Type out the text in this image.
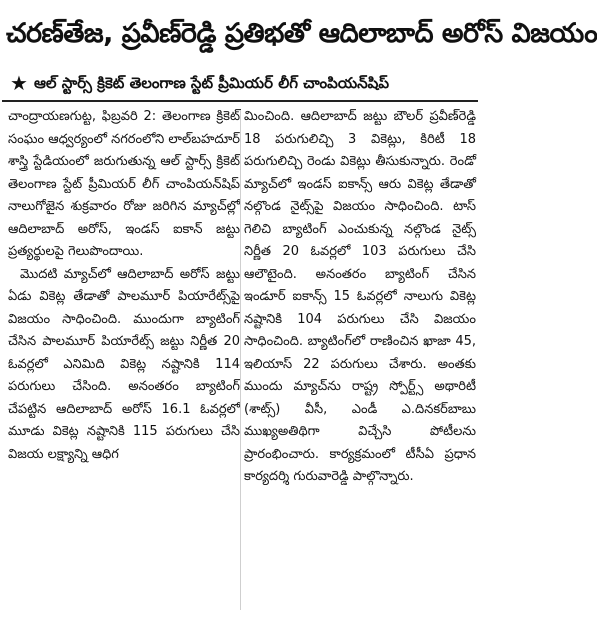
చరణ్‌తేజ, ప్రవీణ్‌రెడ్డి ప్రతిభతో ఆదిలాబాద్ అరోస్ విజయం
★ ఆల్ స్టార్స్ క్రికెట్ తెలంగాణ స్టేట్ ప్రీమియర్ లీగ్ చాంపియన్‌షిప్

చాంద్రాయణగుట్ట, ఫిబ్రవరి 2: తెలంగాణ క్రికెట్ సంఘం ఆధ్వర్యంలో నగరంలోని లాల్‌బహదూర్ శాస్త్రి స్టేడియంలో జరుగుతున్న ఆల్ స్టార్స్ క్రికెట్ తెలంగాణ స్టేట్ ప్రీమియర్ లీగ్ చాంపియన్‌షిప్ నాలుగోజైన శుక్రవారం రోజు జరిగిన మ్యాచ్‌ల్లో ఆదిలాబాద్ అరోస్, ఇండస్ ఐకాన్ జట్టు ప్రత్యర్థులపై గెలుపొందాయి.

మొదటి మ్యాచ్‌లో ఆదిలాబాద్ అరోస్ జట్టు ఏడు వికెట్ల తేడాతో పాలమూర్ పియారేట్స్‌పై విజయం సాధించింది. ముందుగా బ్యాటింగ్ చేసిన పాలమూర్ పియారేట్స్ జట్టు నిర్ణీత 20 ఓవర్లలో ఎనిమిది వికెట్ల నష్టానికి 114 పరుగులు చేసింది. అనంతరం బ్యాటింగ్ చేపట్టిన ఆదిలాబాద్ అరోస్ 16.1 ఓవర్లలో మూడు వికెట్ల నష్టానికి 115 పరుగులు చేసి విజయ లక్ష్యాన్ని ఆధిగ

మించింది. ఆదిలాబాద్ జట్టు బౌలర్ ప్రవీణ్‌రెడ్డి 18 పరుగులిచ్చి 3 వికెట్లు, కిరిటీ 18 పరుగులిచ్చి రెండు వికెట్లు తీసుకున్నారు. రెండో మ్యాచ్‌లో ఇండస్ ఐకాన్స్ ఆరు వికెట్ల తేడాతో నల్గొండ నైట్స్‌పై విజయం సాధించింది. టాస్ గెలిచి బ్యాటింగ్ ఎంచుకున్న నల్గొండ నైట్స్ నిర్ణీత 20 ఓవర్లలో 103 పరుగులు చేసి ఆలౌటైంది. అనంతరం బ్యాటింగ్ చేసిన ఇండూర్ ఐకాన్స్ 15 ఓవర్లలో నాలుగు వికెట్ల నష్టానికి 104 పరుగులు చేసి విజయం సాధించింది. బ్యాటింగ్‌లో రాణించిన ఖాజా 45, ఇలియాస్ 22 పరుగులు చేశారు. అంతకు ముందు మ్యాచ్‌ను రాష్ట్ర స్పోర్ట్స్ అథారిటీ (శాట్స్) వీసీ, ఎండీ ఎ.దినకర్‌బాబు ముఖ్యఅతిథిగా విచ్చేసి పోటీలను ప్రారంభించారు. కార్యక్రమంలో టీసీఏ ప్రధాన కార్యదర్శి గురువారెడ్డి పాల్గొన్నారు.
